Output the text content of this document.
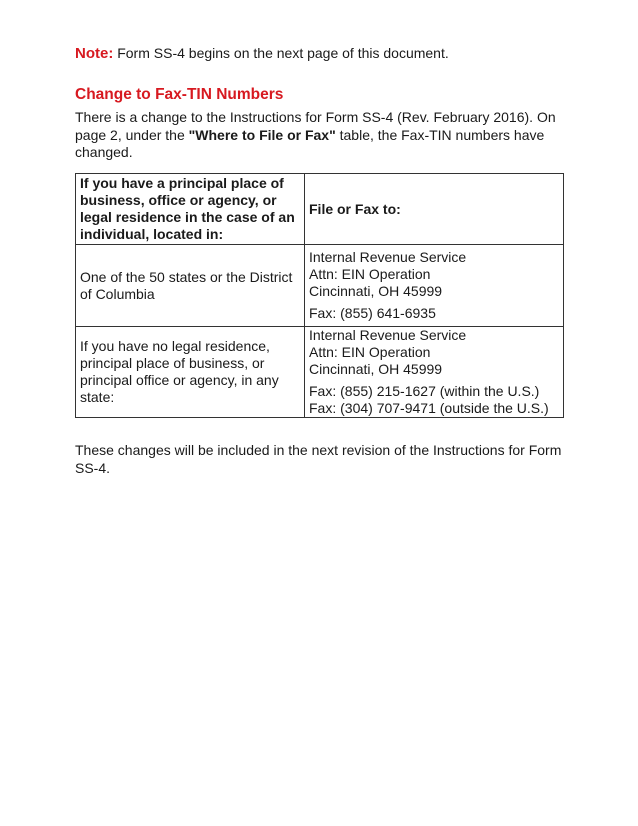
Note: Form SS-4 begins on the next page of this document.
Change to Fax-TIN Numbers
There is a change to the Instructions for Form SS-4 (Rev. February 2016). On page 2, under the "Where to File or Fax" table, the Fax-TIN numbers have changed.
If you have a principal place of business, office or agency, or legal residence in the case of an individual, located in:	File or Fax to:
One of the 50 states or the District of Columbia	Internal Revenue Service
Attn: EIN Operation
Cincinnati, OH 45999
Fax: (855) 641-6935

If you have no legal residence, principal place of business, or principal office or agency, in any state:	Internal Revenue Service
Attn: EIN Operation
Cincinnati, OH 45999
Fax: (855) 215-1627 (within the U.S.)
Fax: (304) 707-9471 (outside the U.S.)
These changes will be included in the next revision of the Instructions for Form SS-4.
